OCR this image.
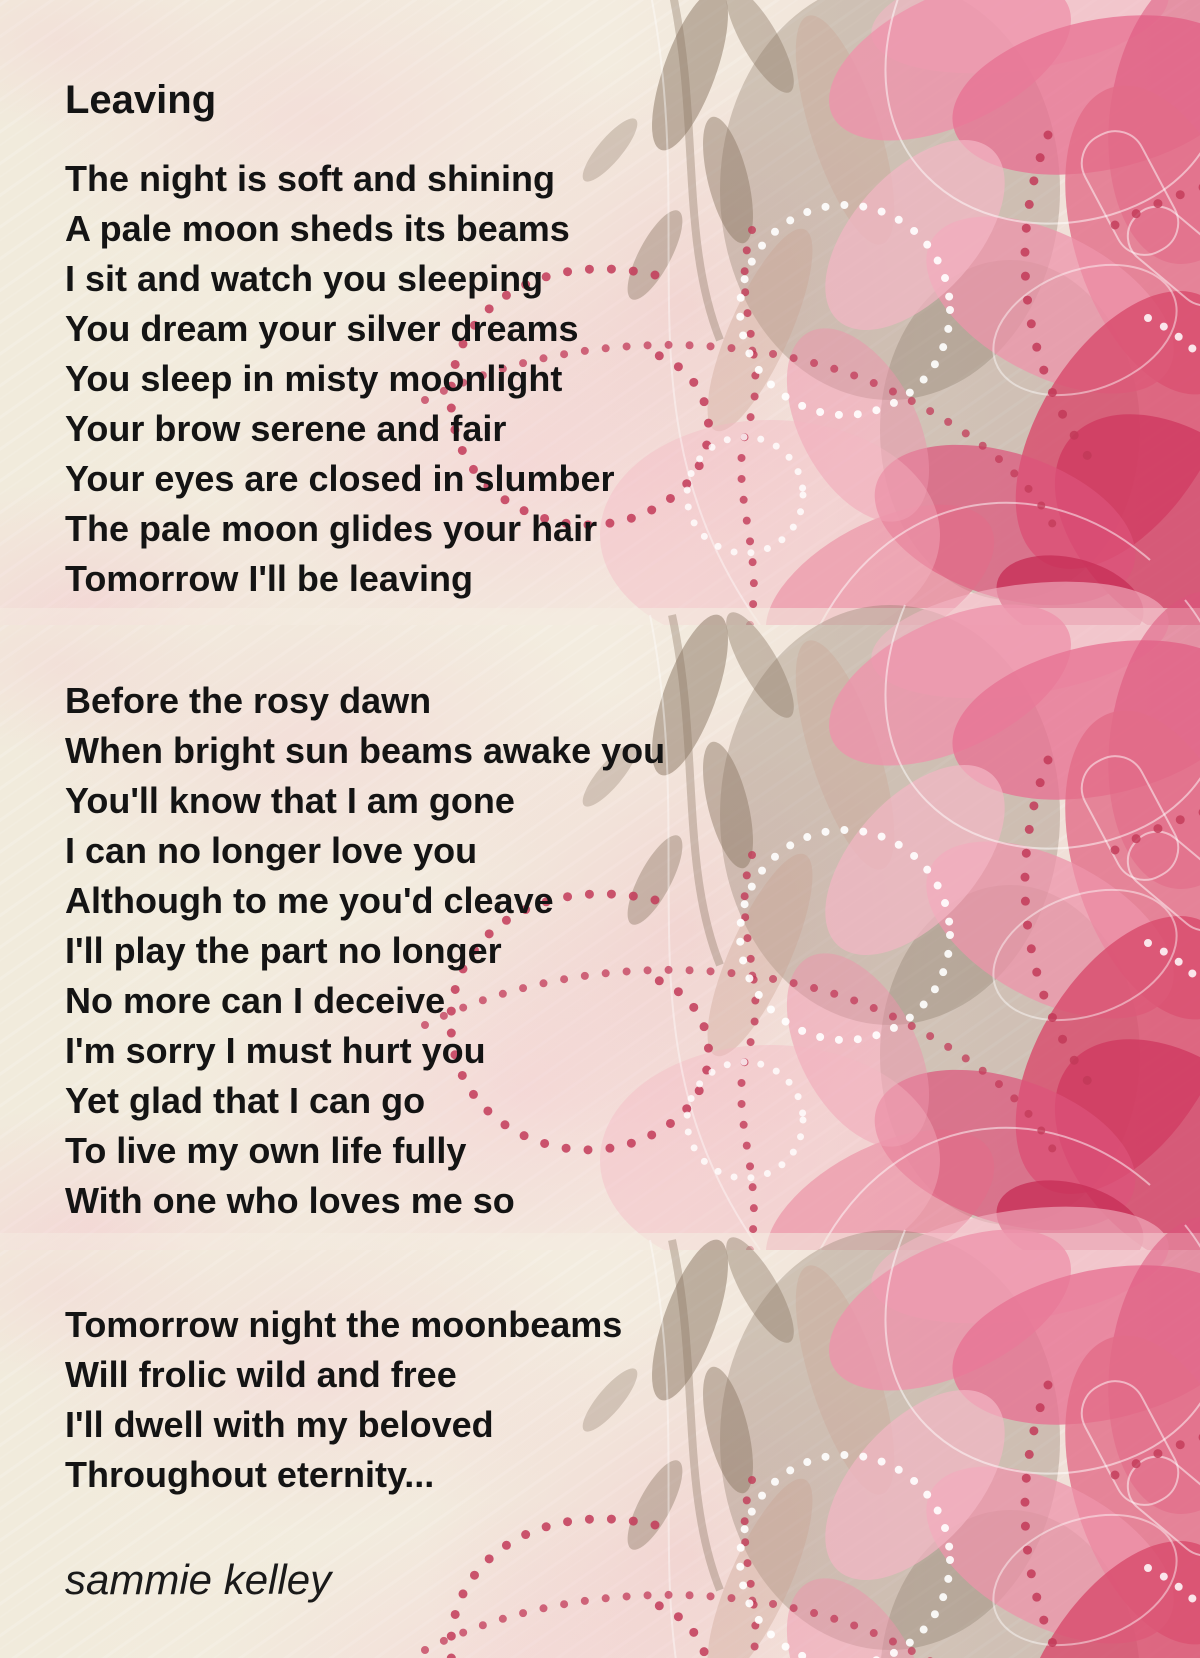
Leaving
The night is soft and shining
A pale moon sheds its beams
I sit and watch you sleeping
You dream your silver dreams
You sleep in misty moonlight
Your brow serene and fair
Your eyes are closed in slumber
The pale moon glides your hair
Tomorrow I'll be leaving
Before the rosy dawn
When bright sun beams awake you
You'll know that I am gone
I can no longer love you
Although to me you'd cleave
I'll play the part no longer
No more can I deceive
I'm sorry I must hurt you
Yet glad that I can go
To live my own life fully
With one who loves me so
Tomorrow night the moonbeams
Will frolic wild and free
I'll dwell with my beloved
Throughout eternity...
sammie kelley
